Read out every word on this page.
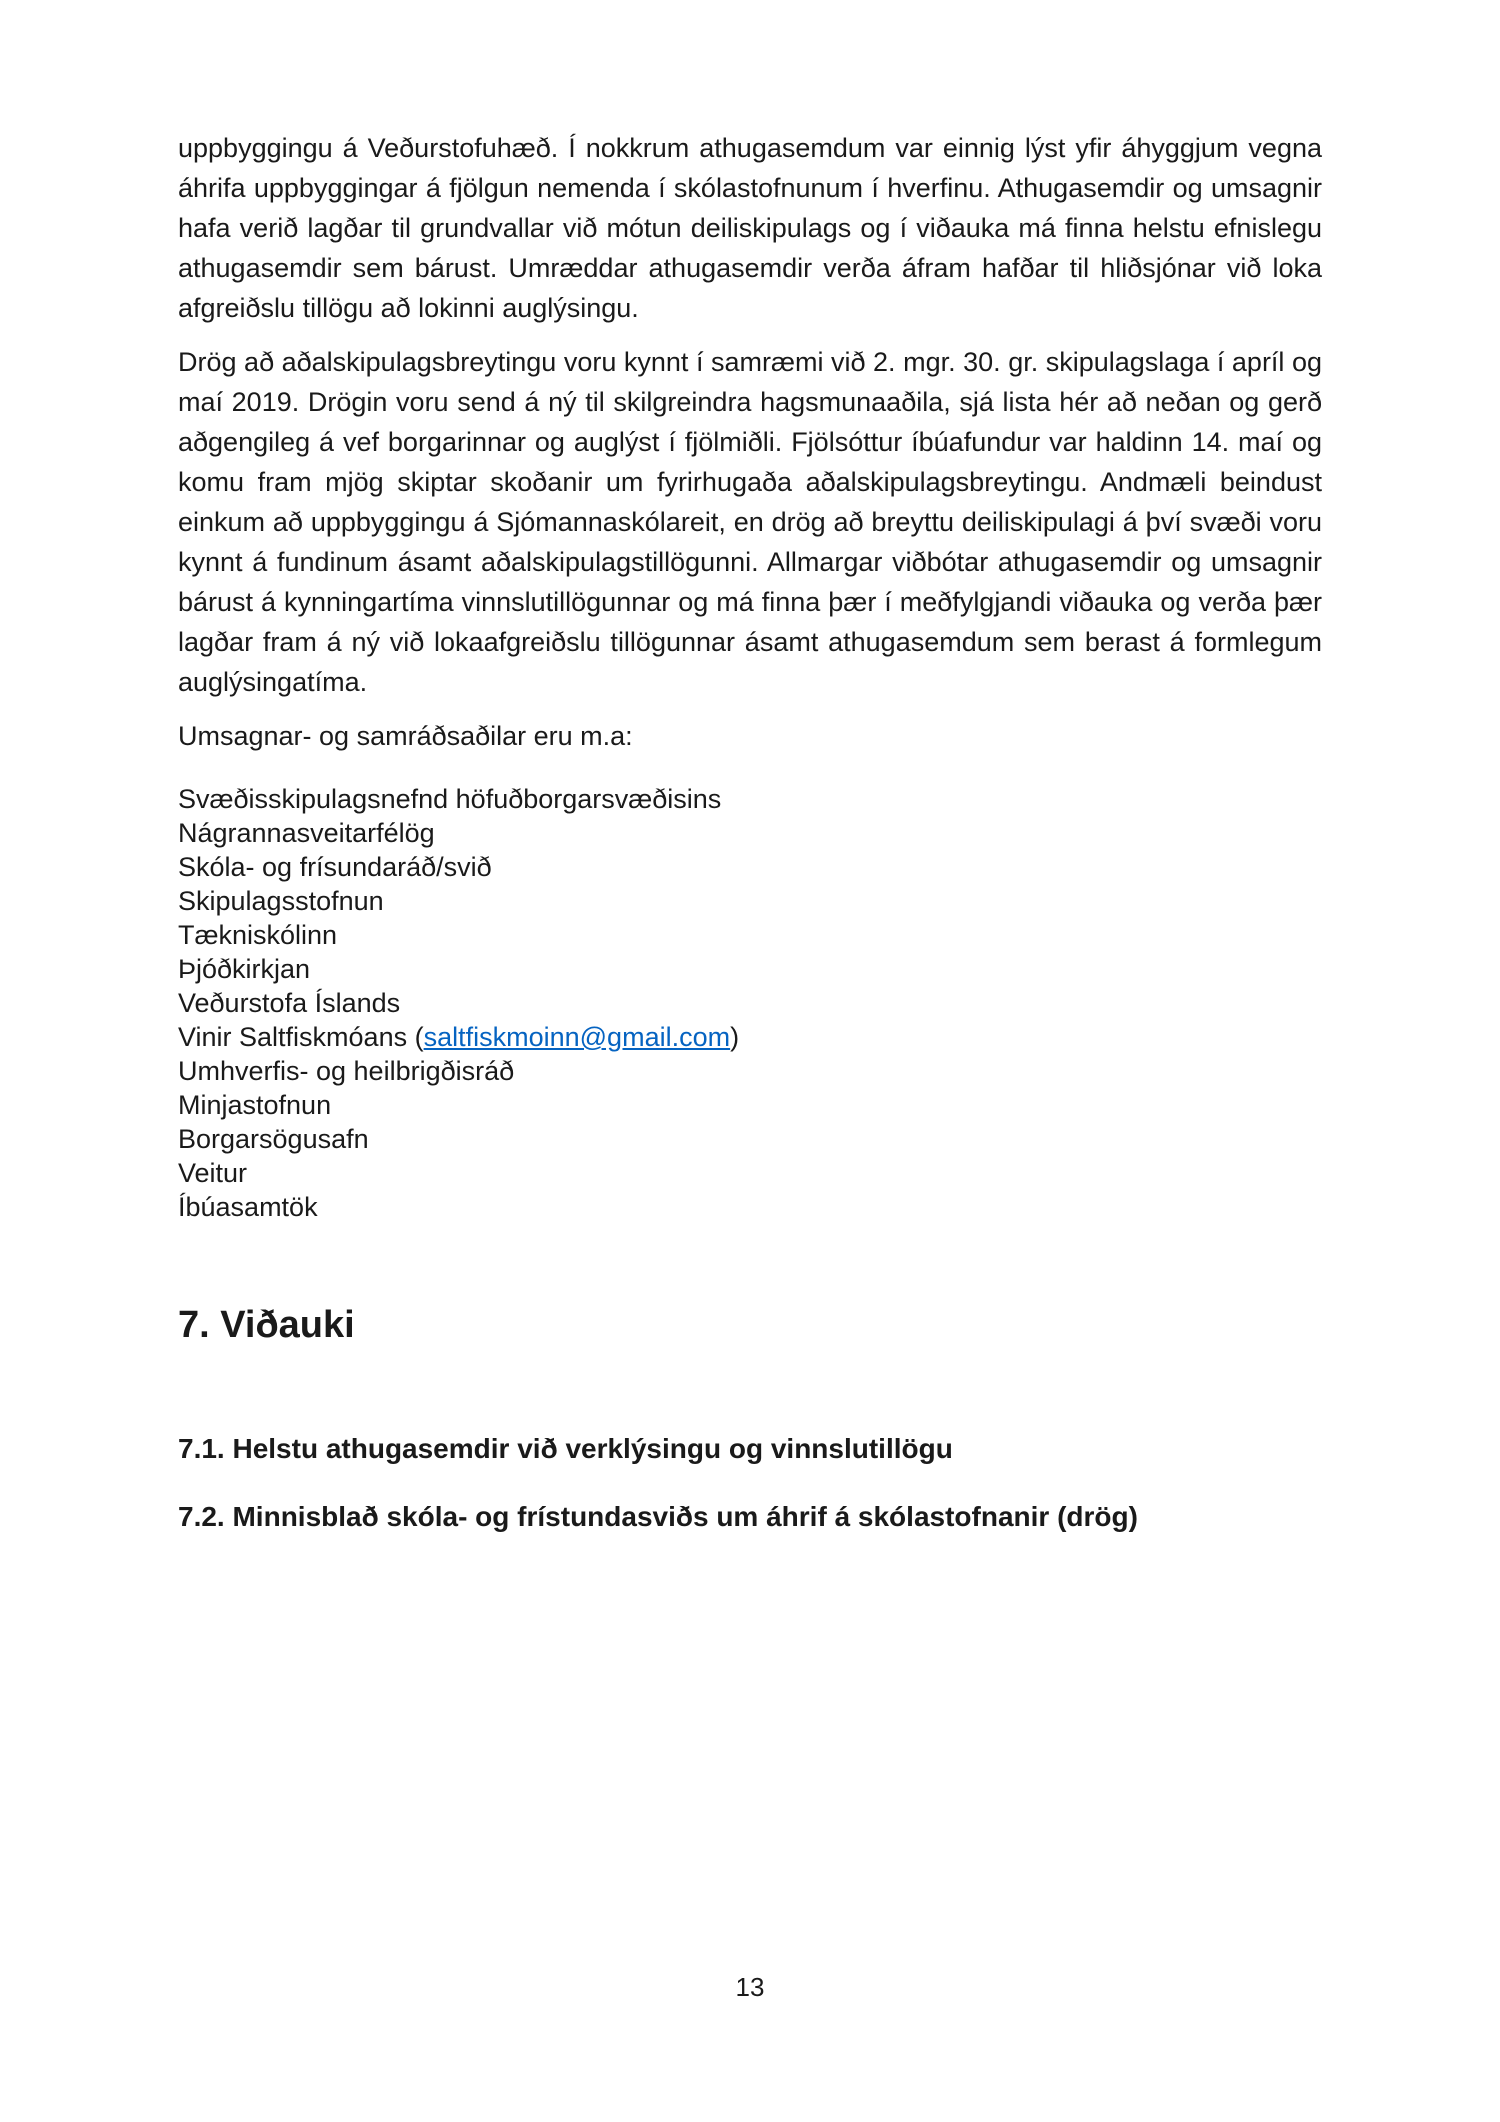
uppbyggingu á Veðurstofuhæð. Í nokkrum athugasemdum var einnig lýst yfir áhyggjum vegna áhrifa uppbyggingar á fjölgun nemenda í skólastofnunum í hverfinu. Athugasemdir og umsagnir hafa verið lagðar til grundvallar við mótun deiliskipulags og í viðauka má finna helstu efnislegu athugasemdir sem bárust. Umræddar athugasemdir verða áfram hafðar til hliðsjónar við loka afgreiðslu tillögu að lokinni auglýsingu.

Drög að aðalskipulagsbreytingu voru kynnt í samræmi við 2. mgr. 30. gr. skipulagslaga í apríl og maí 2019. Drögin voru send á ný til skilgreindra hagsmunaaðila, sjá lista hér að neðan og gerð aðgengileg á vef borgarinnar og auglýst í fjölmiðli. Fjölsóttur íbúafundur var haldinn 14. maí og komu fram mjög skiptar skoðanir um fyrirhugaða aðalskipulagsbreytingu. Andmæli beindust einkum að uppbyggingu á Sjómannaskólareit, en drög að breyttu deiliskipulagi á því svæði voru kynnt á fundinum ásamt aðalskipulagstillögunni. Allmargar viðbótar athugasemdir og umsagnir bárust á kynningartíma vinnslutillögunnar og má finna þær í meðfylgjandi viðauka og verða þær lagðar fram á ný við lokaafgreiðslu tillögunnar ásamt athugasemdum sem berast á formlegum auglýsingatíma.

Umsagnar- og samráðsaðilar eru m.a:

Svæðisskipulagsnefnd höfuðborgarsvæðisins
Nágrannasveitarfélög
Skóla- og frísundaráð/svið
Skipulagsstofnun
Tækniskólinn
Þjóðkirkjan
Veðurstofa Íslands
Vinir Saltfiskmóans (saltfiskmoinn@gmail.com)
Umhverfis- og heilbrigðisráð
Minjastofnun
Borgarsögusafn
Veitur
Íbúasamtök
7. Viðauki
7.1. Helstu athugasemdir við verklýsingu og vinnslutillögu
7.2. Minnisblað skóla- og frístundasviðs um áhrif á skólastofnanir (drög)
13
